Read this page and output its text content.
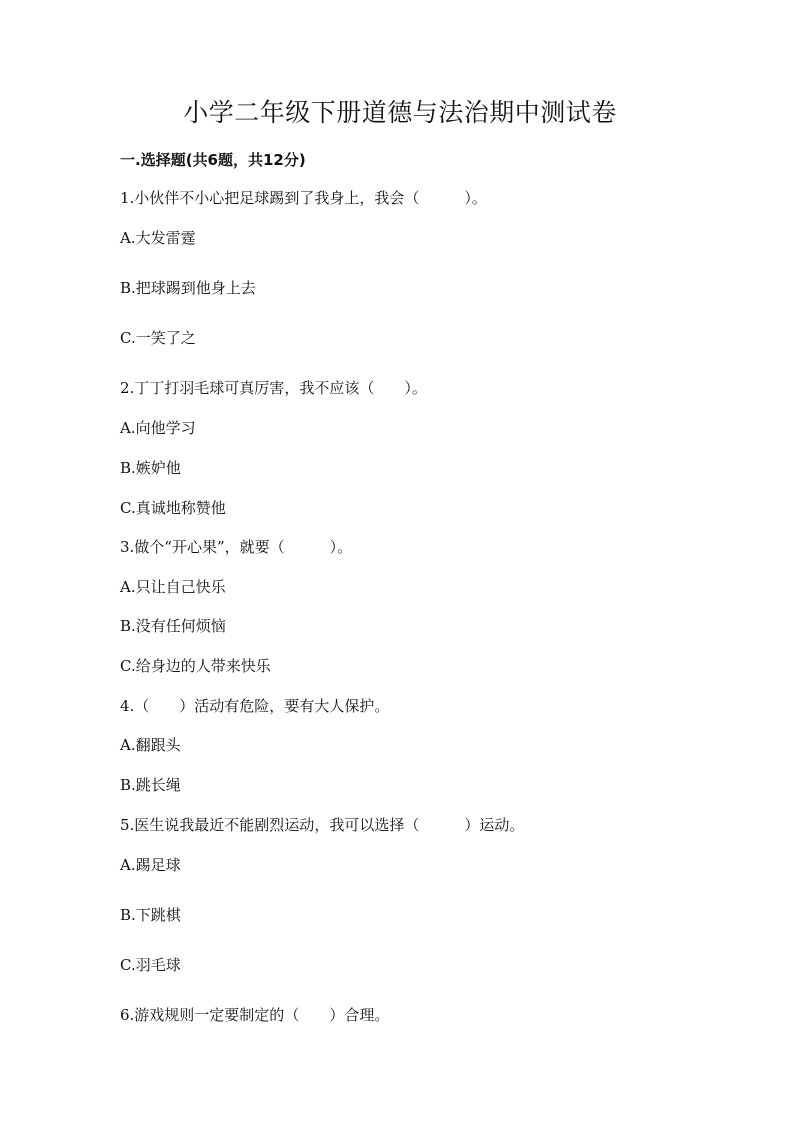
小学二年级下册道德与法治期中测试卷
一.选择题(共6题，共12分)
1.小伙伴不小心把足球踢到了我身上，我会（　　　）。
A.大发雷霆
B.把球踢到他身上去
C.一笑了之
2.丁丁打羽毛球可真厉害，我不应该（　　）。
A.向他学习
B.嫉妒他
C.真诚地称赞他
3.做个“开心果”，就要（　　　）。
A.只让自己快乐
B.没有任何烦恼
C.给身边的人带来快乐
4.（　　）活动有危险，要有大人保护。
A.翻跟头
B.跳长绳
5.医生说我最近不能剧烈运动，我可以选择（　　　）运动。
A.踢足球
B.下跳棋
C.羽毛球
6.游戏规则一定要制定的（　　）合理。
